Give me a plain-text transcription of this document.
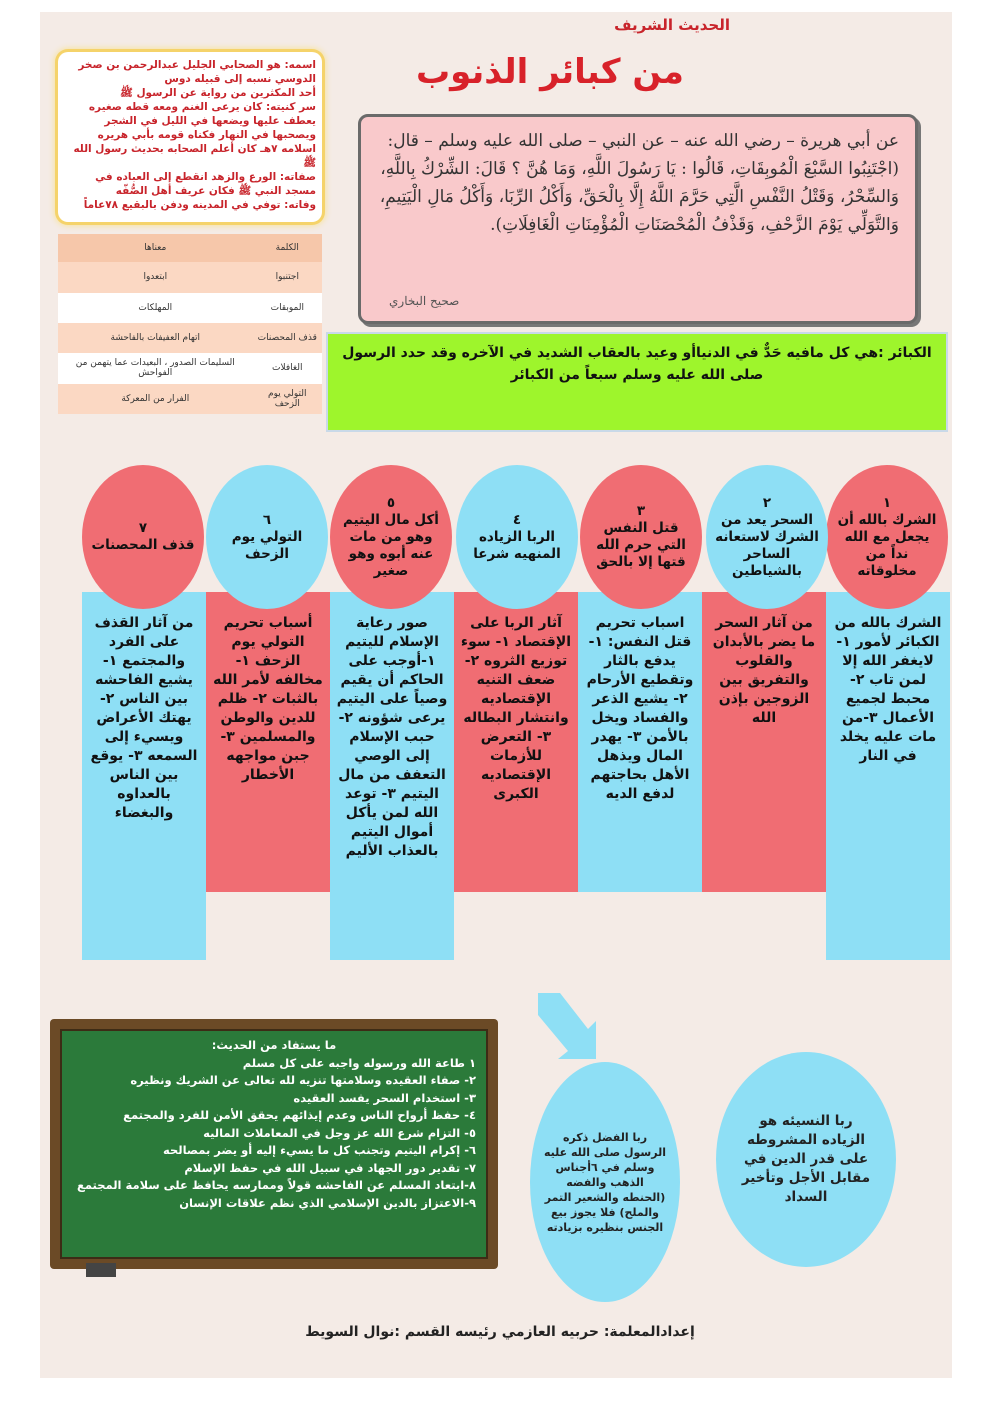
الحديث الشريف
من كبائر الذنوب
اسمه: هو الصحابي الجليل عبدالرحمن بن صخر الدوسي نسبه إلى قبيله دوس
أحد المكثرين من رواية عن الرسول ﷺ
سر كنيته: كان يرعى الغنم ومعه قطه صغيره يعطف عليها ويضعها في الليل في الشجر ويصحبها في النهار فكناه قومه بأبي هريره
اسلامه ٧هـ كان أعلم الصحابه بحديث رسول الله ﷺ
صفاته: الورع والزهد انقطع إلى العباده في مسجد النبي ﷺ فكان عريف أهل الصُّفّه
وفاته: توفي في المدينه ودفن بالبقيع ٧٨عاماً
الكلمة	معناها
اجتنبوا	ابتعدوا
الموبقات	المهلكات
قذف المحصنات	اتهام العفيفات بالفاحشة
الغافلات	السليمات الصدور ، البعيدات عما يتهمن من الفواحش
التولي يوم الزحف	الفرار من المعركة
عن أبي هريرة – رضي الله عنه – عن النبي – صلى الله عليه وسلم – قال: (اجْتَنِبُوا السَّبْعَ الْمُوبِقَاتِ، قَالُوا : يَا رَسُولَ اللَّهِ، وَمَا هُنَّ ؟ قَالَ: الشِّرْكُ بِاللَّهِ، وَالسِّحْرُ، وَقَتْلُ النَّفْسِ الَّتِي حَرَّمَ اللَّهُ إِلَّا بِالْحَقِّ، وَأَكْلُ الرِّبَا، وَأَكْلُ مَالِ الْيَتِيمِ، وَالتَّوَلِّي يَوْمَ الزَّحْفِ، وَقَذْفُ الْمُحْصَنَاتِ الْمُؤْمِنَاتِ الْغَافِلَاتِ).
صحيح البخاري
الكبائر :هي كل مافيه حَدٌّ في الدنياأو وعيد بالعقاب الشديد في الآخره وقد حدد الرسول صلى الله عليه وسلم سبعاً من الكبائر
الشرك بالله من الكبائر لأمور ١-لايغفر الله إلا لمن تاب ٢- محبط لجميع الأعمال ٣-من مات عليه يخلد في النار
من آثار السحر ما يضر بالأبدان والقلوب والتفريق بين الزوجين بإذن الله
اسباب تحريم قتل النفس: ١-يدفع بالثار وتقطيع الأرحام ٢- يشيع الذعر والفساد ويخل بالأمن ٣- يهدر المال ويذهل الأهل بحاجتهم لدفع الديه
آثار الربا على الإقتصاد ١- سوء توزيع الثروه ٢-ضعف التنيه الإقتصاديه وانتشار البطاله ٣- التعرض للأزمات الإقتصاديه الكبرى
صور رعاية الإسلام لليتيم ١-أوجب على الحاكم أن يقيم وصياً على اليتيم يرعى شؤونه ٢- حبب الإسلام إلى الوصي التعفف من مال اليتيم ٣- توعد الله لمن يأكل أموال اليتيم بالعذاب الأليم
أسباب تحريم التولي يوم الزحف ١- مخالفه لأمر الله بالثبات ٢- ظلم للدين والوطن والمسلمين ٣- جبن مواجهه الأخطار
من آثار القذف على الفرد والمجتمع ١-يشيع الفاحشه بين الناس ٢-يهتك الأعراض ويسيء إلى السمعه ٣- يوقع بين الناس بالعداوه والبغضاء
١
الشرك بالله أن يجعل مع الله نداً من مخلوقاته
٢
السحر يعد من الشرك لاستعانه الساحر بالشياطين
٣
قتل النفس التي حرم الله قتها إلا بالحق
٤
الربا الزياده المنهيه شرعا
٥
أكل مال اليتيم وهو من مات عنه أبوه وهو صغير
٦
التولي يوم الزحف
٧
قذف المحصنات
ما يستفاد من الحديث:
١ طاعة الله ورسوله واجبه على كل مسلم
٢- صفاء العقيده وسلامتها تنزيه لله تعالى عن الشريك ونظيره
٣- استخدام السحر يفسد العقيده
٤- حفظ أرواح الناس وعدم إيذائهم يحقق الأمن للفرد والمجتمع
٥- التزام شرع الله عز وجل في المعاملات الماليه
٦- إكرام اليتيم وتجنب كل ما يسيء إليه أو يضر بمصالحه
٧- تقدير دور الجهاد في سبيل الله في حفظ الإسلام
٨-ابتعاد المسلم عن الفاحشه قولاً وممارسه يحافظ على سلامة المجتمع
٩-الاعتزاز بالدين الإسلامي الذي نظم علاقات الإنسان
ربا الفضل ذكره الرسول صلى الله عليه وسلم في ٦أجناس الذهب والفضه (الحنطه والشعير التمر والملح) فلا يجوز بيع الجنس بنظيره بزيادته
ربا النسيئه هو الزياده المشروطه على قدر الدين في مقابل الأجل وتأخير السداد
إعدادالمعلمة: حربيه العازمي رئيسه القسم :نوال السويط
